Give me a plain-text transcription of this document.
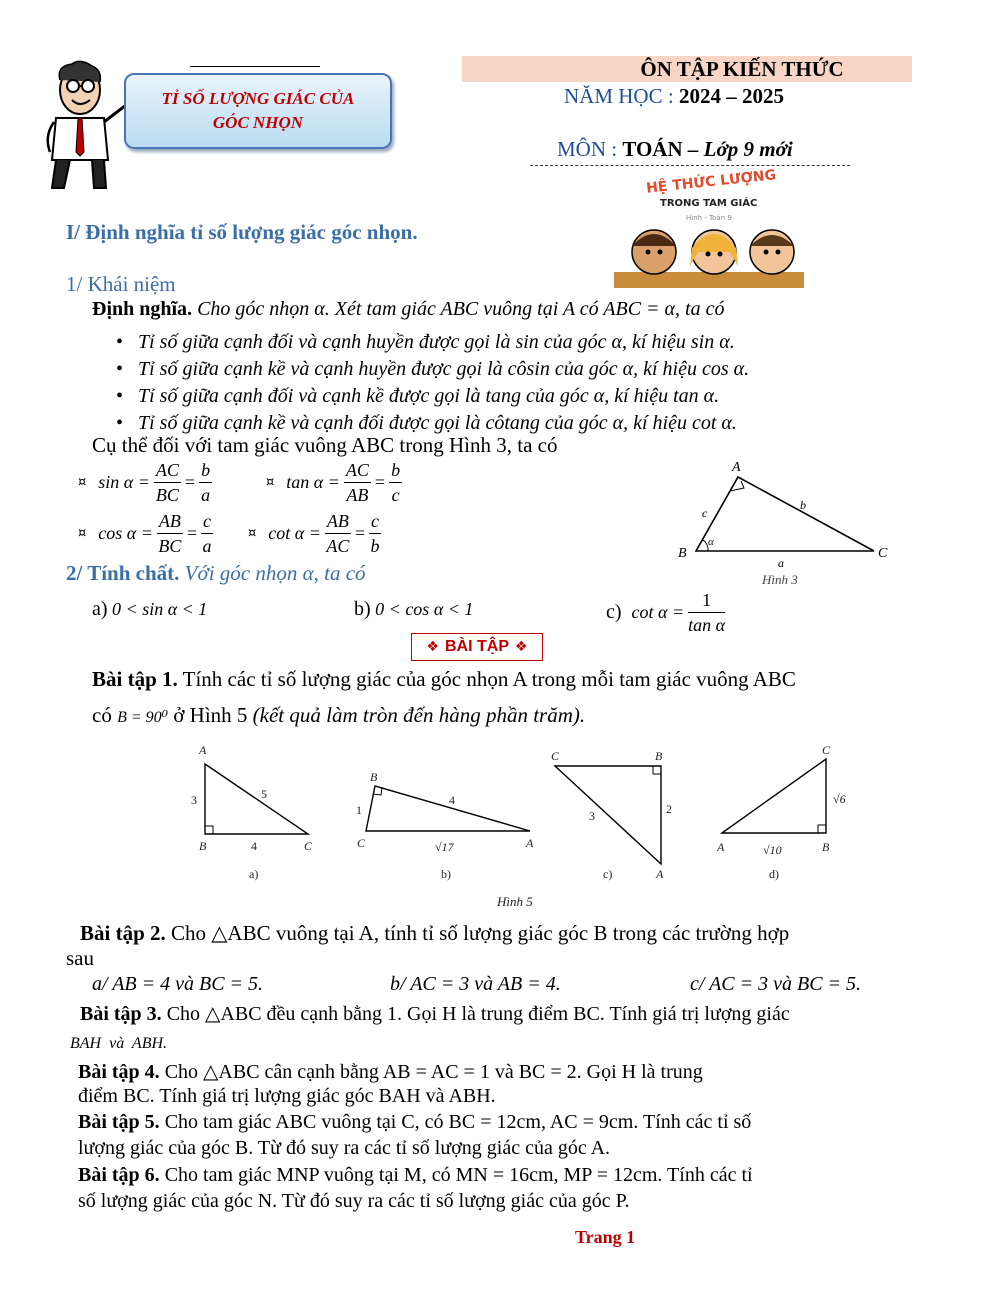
TỈ SỐ LƯỢNG GIÁC CỦA GÓC NHỌN
ÔN TẬP KIẾN THỨC
NĂM HỌC : 2024 – 2025
MÔN : TOÁN – Lớp 9 mới
HỆ THỨC LƯỢNG
TRONG TAM GIÁC
Hình - Toán 9
I/ Định nghĩa tỉ số lượng giác góc nhọn.
1/ Khái niệm
Định nghĩa. Cho góc nhọn α. Xét tam giác ABC vuông tại A có ABC = α, ta có
• Tỉ số giữa cạnh đối và cạnh huyền được gọi là sin của góc α, kí hiệu sin α.
• Tỉ số giữa cạnh kề và cạnh huyền được gọi là côsin của góc α, kí hiệu cos α.
• Tỉ số giữa cạnh đối và cạnh kề được gọi là tang của góc α, kí hiệu tan α.
• Tỉ số giữa cạnh kề và cạnh đối được gọi là côtang của góc α, kí hiệu cot α.
Cụ thể đối với tam giác vuông ABC trong Hình 3, ta có
¤ $\sin \alpha = \frac{AC}{BC} = \frac{b}{a}$	¤ $\tan \alpha = \frac{AC}{AB} = \frac{b}{c}$
¤ $\cos \alpha = \frac{AB}{BC} = \frac{c}{a}$	¤ $\cot \alpha = \frac{AB}{AC} = \frac{c}{b}$
A
B	C
c
b
a
α
Hình 3
2/ Tính chất. Với góc nhọn α, ta có
a) 0 < sin α < 1	b) 0 < cos α < 1	c) $\cot \alpha = \frac{1}{\text{tan α}}$
❖ BÀI TẬP ❖
Bài tập 1. Tính các tỉ số lượng giác của góc nhọn A trong mỗi tam giác vuông ABC
có B = 90⁰ ở Hình 5 (kết quả làm tròn đến hàng phần trăm).
A
B	C
3	5
4
a)
B
C	A
1
4
√17
b)
C	B
A
3	2
c)
C
A	B
√6
√10
d)
Hình 5
Bài tập 2. Cho △ABC vuông tại A, tính tỉ số lượng giác góc B trong các trường hợp
sau
a/ AB = 4 và BC = 5.	b/ AC = 3 và AB = 4.	c/ AC = 3 và BC = 5.
Bài tập 3. Cho △ABC đều cạnh bằng 1. Gọi H là trung điểm BC. Tính giá trị lượng giác
BAH  và  ABH.
Bài tập 4. Cho △ABC cân cạnh bằng AB = AC = 1 và BC = 2. Gọi H là trung
điểm BC. Tính giá trị lượng giác góc BAH và ABH.
Bài tập 5. Cho tam giác ABC vuông tại C, có BC = 12cm, AC = 9cm. Tính các tỉ số
lượng giác của góc B. Từ đó suy ra các tỉ số lượng giác của góc A.
Bài tập 6. Cho tam giác MNP vuông tại M, có MN = 16cm, MP = 12cm. Tính các tỉ
số lượng giác của góc N. Từ đó suy ra các tỉ số lượng giác của góc P.
Trang 1
